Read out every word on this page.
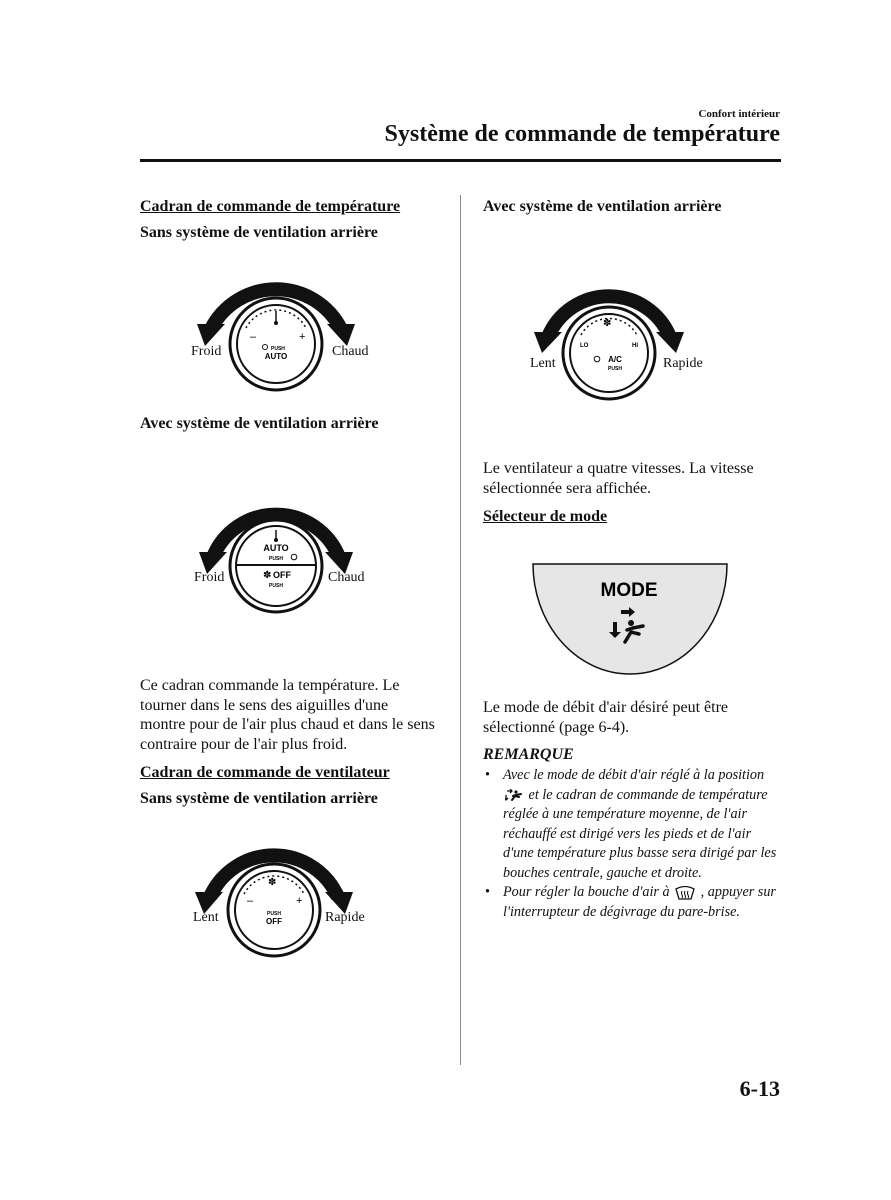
Confort intérieur
Système de commande de température
Cadran de commande de température
Sans système de ventilation arrière
–	+
PUSH
AUTO
Froid	Chaud
Avec système de ventilation arrière
AUTO
PUSH
✽ OFF
PUSH
Froid	Chaud
Ce cadran commande la température. Le tourner dans le sens des aiguilles d'une montre pour de l'air plus chaud et dans le sens contraire pour de l'air plus froid.
Cadran de commande de ventilateur
Sans système de ventilation arrière
✽
–	+
PUSH
OFF
Lent	Rapide
Avec système de ventilation arrière
✽
LO	HI
A/C
PUSH
Lent	Rapide
Le ventilateur a quatre vitesses. La vitesse sélectionnée sera affichée.
Sélecteur de mode
MODE
Le mode de débit d'air désiré peut être sélectionné (page 6-4).
REMARQUE
• Avec le mode de débit d'air réglé à la position  et le cadran de commande de température réglée à une température moyenne, de l'air réchauffé est dirigé vers les pieds et de l'air d'une température plus basse sera dirigé par les bouches centrale, gauche et droite.
• Pour régler la bouche d'air à , appuyer sur l'interrupteur de dégivrage du pare-brise.
6-13
